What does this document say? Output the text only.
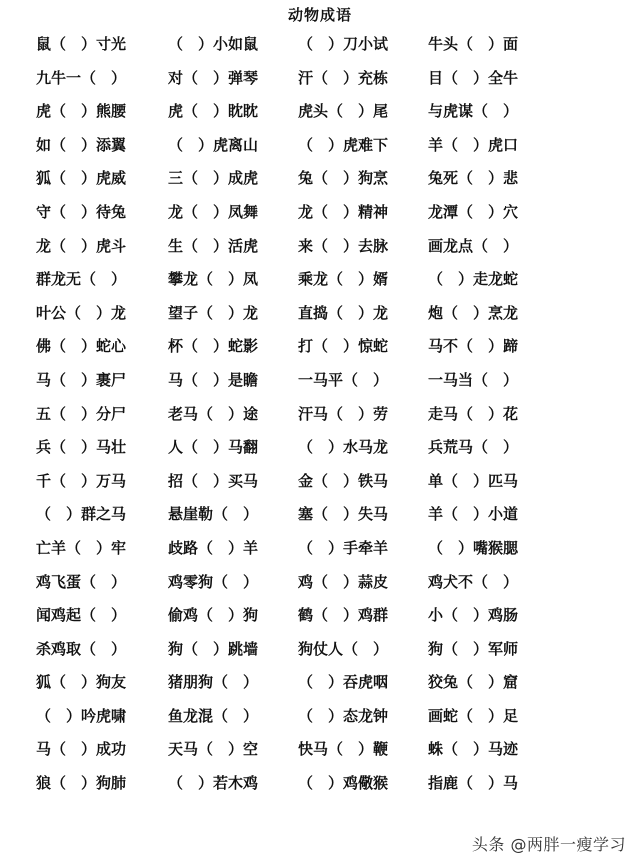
动物成语
鼠（　）寸光	（　）小如鼠	（　）刀小试	牛头（　）面
九牛一（　）	对（　）弹琴	汗（　）充栋	目（　）全牛
虎（　）熊腰	虎（　）眈眈	虎头（　）尾	与虎谋（　）
如（　）添翼	（　）虎离山	（　）虎难下	羊（　）虎口
狐（　）虎威	三（　）成虎	兔（　）狗烹	兔死（　）悲
守（　）待兔	龙（　）凤舞	龙（　）精神	龙潭（　）穴
龙（　）虎斗	生（　）活虎	来（　）去脉	画龙点（　）
群龙无（　）	攀龙（　）凤	乘龙（　）婿	（　）走龙蛇
叶公（　）龙	望子（　）龙	直捣（　）龙	炮（　）烹龙
佛（　）蛇心	杯（　）蛇影	打（　）惊蛇	马不（　）蹄
马（　）裹尸	马（　）是瞻	一马平（　）	一马当（　）
五（　）分尸	老马（　）途	汗马（　）劳	走马（　）花
兵（　）马壮	人（　）马翻	（　）水马龙	兵荒马（　）
千（　）万马	招（　）买马	金（　）铁马	单（　）匹马
（　）群之马	悬崖勒（　）	塞（　）失马	羊（　）小道
亡羊（　）牢	歧路（　）羊	（　）手牵羊	（　）嘴猴腮
鸡飞蛋（　）	鸡零狗（　）	鸡（　）蒜皮	鸡犬不（　）
闻鸡起（　）	偷鸡（　）狗	鹤（　）鸡群	小（　）鸡肠
杀鸡取（　）	狗（　）跳墙	狗仗人（　）	狗（　）军师
狐（　）狗友	猪朋狗（　）	（　）吞虎咽	狡兔（　）窟
（　）吟虎啸	鱼龙混（　）	（　）态龙钟	画蛇（　）足
马（　）成功	天马（　）空	快马（　）鞭	蛛（　）马迹
狼（　）狗肺	（　）若木鸡	（　）鸡儆猴	指鹿（　）马
头条 @两胖一瘦学习
